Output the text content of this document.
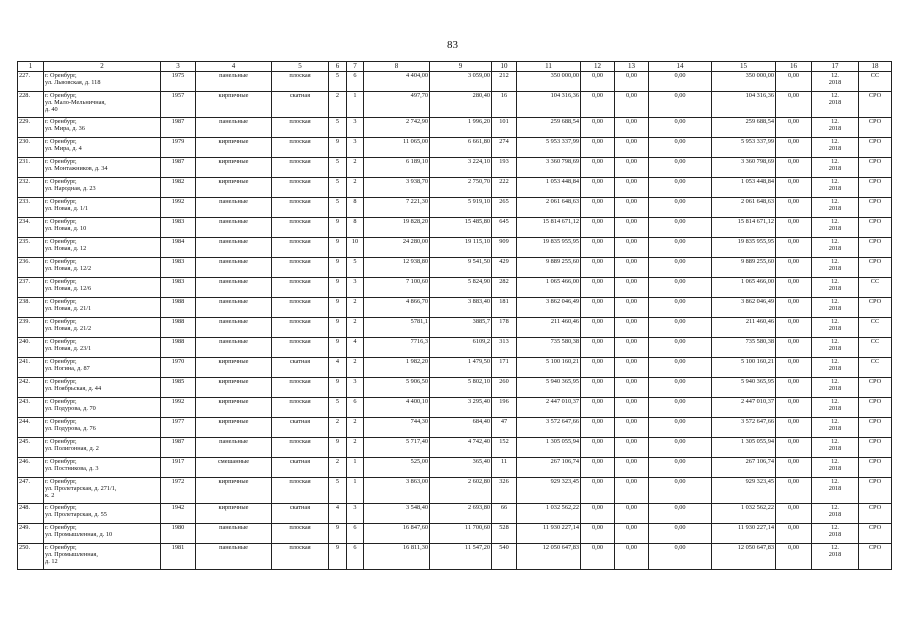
83
1	2	3	4	5	6	7	8	9	10	11	12	13	14	15	16	17	18
227.	г. Оренбург,
ул. Львовская, д. 118	1975	панельные	плоская	5	6	4 404,00	3 059,00	212	350 000,00	0,00	0,00	0,00	350 000,00	0,00	12.
2018	СС
228.	г. Оренбург,
ул. Мало-Мельничная,
д. 40	1957	кирпичные	скатная	2	1	497,70	280,40	16	104 316,36	0,00	0,00	0,00	104 316,36	0,00	12.
2018	СРО
229.	г. Оренбург,
ул. Мира, д. 36	1987	панельные	плоская	5	3	2 742,90	1 996,20	101	259 688,54	0,00	0,00	0,00	259 688,54	0,00	12.
2018	СРО
230.	г. Оренбург,
ул. Мира, д. 4	1979	кирпичные	плоская	9	3	11 065,00	6 661,80	274	5 953 337,99	0,00	0,00	0,00	5 953 337,99	0,00	12.
2018	СРО
231.	г. Оренбург,
ул. Монтажников, д. 34	1987	кирпичные	плоская	5	2	6 189,10	3 224,10	193	3 360 798,69	0,00	0,00	0,00	3 360 798,69	0,00	12.
2018	СРО
232.	г. Оренбург,
ул. Народная, д. 23	1982	кирпичные	плоская	5	2	3 938,70	2 750,70	222	1 053 448,84	0,00	0,00	0,00	1 053 448,84	0,00	12.
2018	СРО
233.	г. Оренбург,
ул. Новая, д. 1/1	1992	панельные	плоская	5	8	7 221,30	5 919,10	265	2 061 648,63	0,00	0,00	0,00	2 061 648,63	0,00	12.
2018	СРО
234.	г. Оренбург,
ул. Новая, д. 10	1983	панельные	плоская	9	8	19 828,20	15 485,80	645	15 814 671,12	0,00	0,00	0,00	15 814 671,12	0,00	12.
2018	СРО
235.	г. Оренбург,
ул. Новая, д. 12	1984	панельные	плоская	9	10	24 280,00	19 115,10	909	19 835 955,95	0,00	0,00	0,00	19 835 955,95	0,00	12.
2018	СРО
236.	г. Оренбург,
ул. Новая, д. 12/2	1983	панельные	плоская	9	5	12 938,80	9 541,50	429	9 889 255,60	0,00	0,00	0,00	9 889 255,60	0,00	12.
2018	СРО
237.	г. Оренбург,
ул. Новая, д. 12/6	1983	панельные	плоская	9	3	7 100,60	5 824,90	282	1 065 466,00	0,00	0,00	0,00	1 065 466,00	0,00	12.
2018	СС
238.	г. Оренбург,
ул. Новая, д. 21/1	1988	панельные	плоская	9	2	4 866,70	3 883,40	181	3 862 046,49	0,00	0,00	0,00	3 862 046,49	0,00	12.
2018	СРО
239.	г. Оренбург,
ул. Новая, д. 21/2	1988	панельные	плоская	9	2	5781,1	3885,7	178	211 460,46	0,00	0,00	0,00	211 460,46	0,00	12.
2018	СС
240.	г. Оренбург,
ул. Новая, д. 23/1	1988	панельные	плоская	9	4	7716,3	6109,2	313	735 580,38	0,00	0,00	0,00	735 580,38	0,00	12.
2018	СС
241.	г. Оренбург,
ул. Ногина, д. 87	1970	кирпичные	скатная	4	2	1 982,20	1 479,50	171	5 100 160,21	0,00	0,00	0,00	5 100 160,21	0,00	12.
2018	СС
242.	г. Оренбург,
ул. Ноябрьская, д. 44	1985	кирпичные	плоская	9	3	5 906,50	5 802,10	260	5 940 365,95	0,00	0,00	0,00	5 940 365,95	0,00	12.
2018	СРО
243.	г. Оренбург,
ул. Подурова, д. 70	1992	кирпичные	плоская	5	6	4 400,10	3 295,40	196	2 447 010,37	0,00	0,00	0,00	2 447 010,37	0,00	12.
2018	СРО
244.	г. Оренбург,
ул. Подурова, д. 76	1977	кирпичные	скатная	2	2	744,30	684,40	47	3 572 647,66	0,00	0,00	0,00	3 572 647,66	0,00	12.
2018	СРО
245.	г. Оренбург,
ул. Полигонная, д. 2	1987	панельные	плоская	9	2	5 717,40	4 742,40	152	1 305 055,94	0,00	0,00	0,00	1 305 055,94	0,00	12.
2018	СРО
246.	г. Оренбург,
ул. Постникова, д. 3	1917	смешанные	скатная	2	1	525,00	365,40	11	267 106,74	0,00	0,00	0,00	267 106,74	0,00	12.
2018	СРО
247.	г. Оренбург,
ул. Пролетарская, д. 271/1,
к. 2	1972	кирпичные	плоская	5	1	3 863,00	2 602,80	326	929 323,45	0,00	0,00	0,00	929 323,45	0,00	12.
2018	СРО
248.	г. Оренбург,
ул. Пролетарская, д. 55	1942	кирпичные	скатная	4	3	3 548,40	2 693,80	66	1 032 562,22	0,00	0,00	0,00	1 032 562,22	0,00	12.
2018	СРО
249.	г. Оренбург,
ул. Промышленная, д. 10	1980	панельные	плоская	9	6	16 847,60	11 700,60	528	11 930 227,14	0,00	0,00	0,00	11 930 227,14	0,00	12.
2018	СРО
250.	г. Оренбург,
ул. Промышленная,
д. 12	1981	панельные	плоская	9	6	16 811,30	11 547,20	540	12 050 647,83	0,00	0,00	0,00	12 050 647,83	0,00	12.
2018	СРО
